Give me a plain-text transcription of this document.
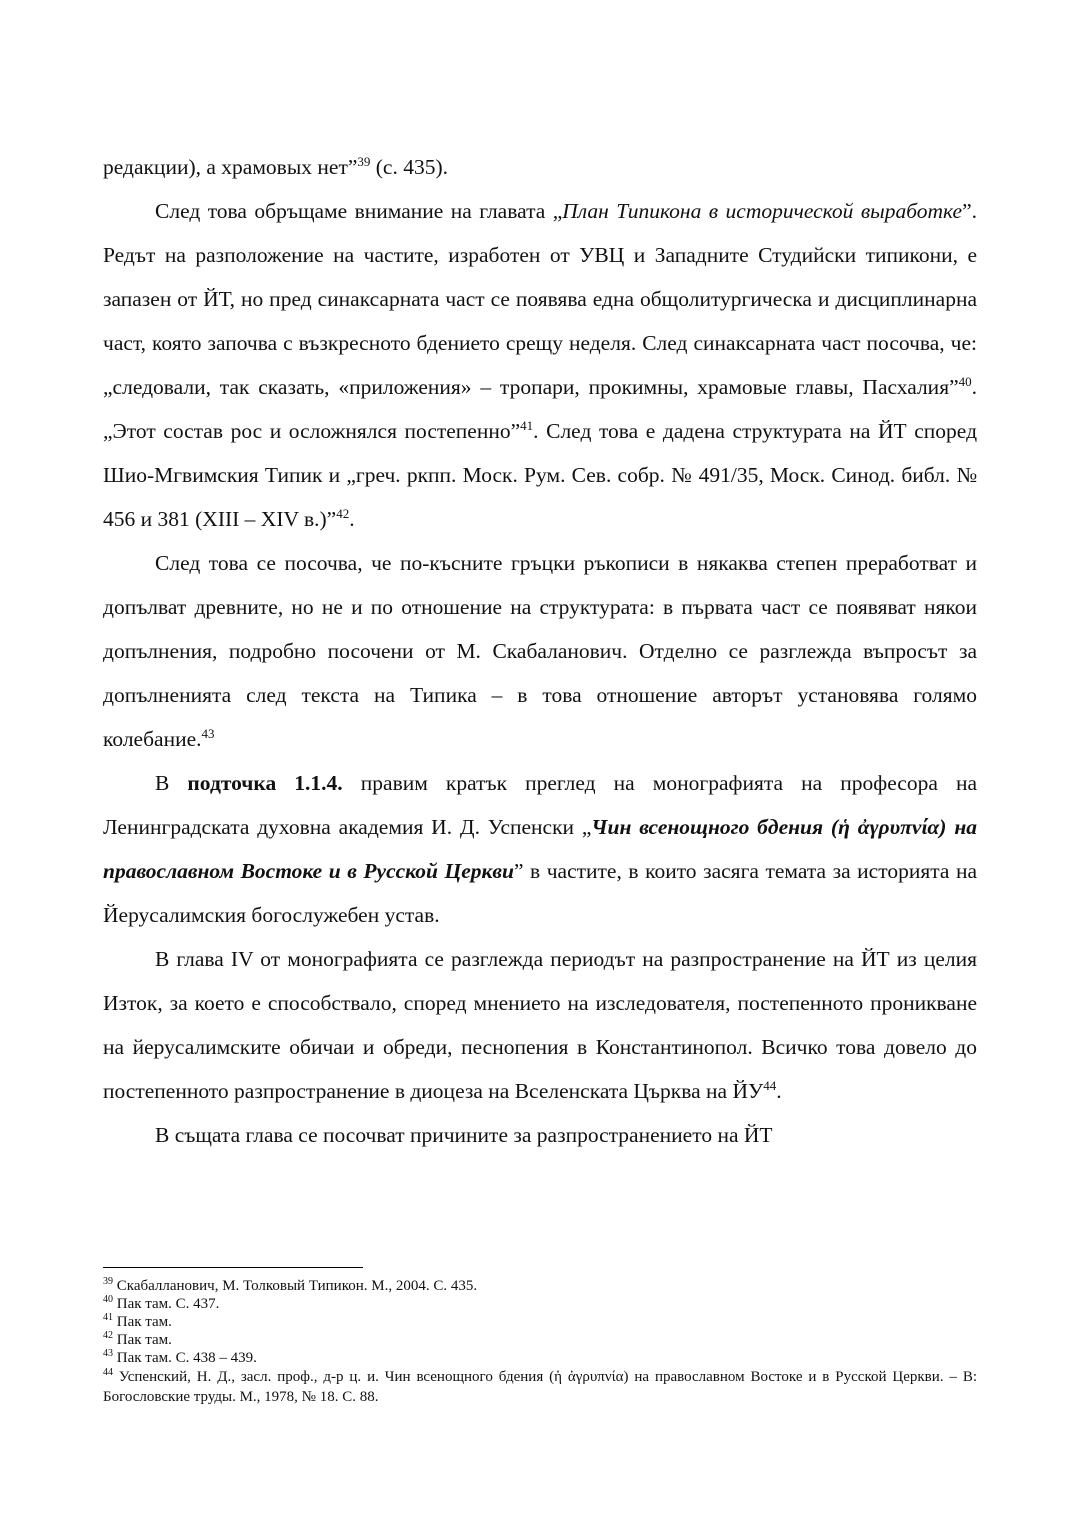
редакции), а храмовых нет”$^{39}$ (с. 435).

След това обръщаме внимание на главата „План Типикона в исторической выработке”. Редът на разположение на частите, изработен от УВЦ и Западните Студийски типикони, е запазен от ЙТ, но пред синаксарната част се появява една общолитургическа и дисциплинарна част, която започва с възкресното бдението срещу неделя. След синаксарната част посочва, че: „следовали, так сказать, «приложения» – тропари, прокимны, храмовые главы, Пасхалия”$^{40}$. „Этот состав рос и осложнялся постепенно”$^{41}$. След това е дадена структурата на ЙТ според Шио-Мгвимския Типик и „греч. ркпп. Моск. Рум. Сев. собр. № 491/35, Моск. Синод. библ. № 456 и 381 (XIII – XIV в.)”$^{42}$.

След това се посочва, че по-късните гръцки ръкописи в някаква степен преработват и допълват древните, но не и по отношение на структурата: в първата част се появяват някои допълнения, подробно посочени от М. Скабаланович. Отделно се разглежда въпросът за допълненията след текста на Типика – в това отношение авторът установява голямо колебание.$^{43}$

В подточка 1.1.4. правим кратък преглед на монографията на професора на Ленинградската духовна академия И. Д. Успенски „Чин всенощного бдения (ἡ ἀγρυπνία) на православном Востоке и в Русской Церкви” в частите, в които засяга темата за историята на Йерусалимския богослужебен устав.

В глава IV от монографията се разглежда периодът на разпространение на ЙТ из целия Изток, за което е способствало, според мнението на изследователя, постепенното проникване на йерусалимските обичаи и обреди, песнопения в Константинопол. Всичко това довело до постепенното разпространение в диоцеза на Вселенската Църква на ЙУ$^{44}$.

В същата глава се посочват причините за разпространението на ЙТ

$^{39}$ Скабалланович, М. Толковый Типикон. М., 2004. С. 435.

$^{40}$ Пак там. С. 437.

$^{41}$ Пак там.

$^{42}$ Пак там.

$^{43}$ Пак там. С. 438 – 439.

$^{44}$ Успенский, Н. Д., засл. проф., д-р ц. и. Чин всенощного бдения (ἡ ἀγρυπνία) на православном Востоке и в Русской Церкви. – В: Богословские труды. М., 1978, № 18. С. 88.
